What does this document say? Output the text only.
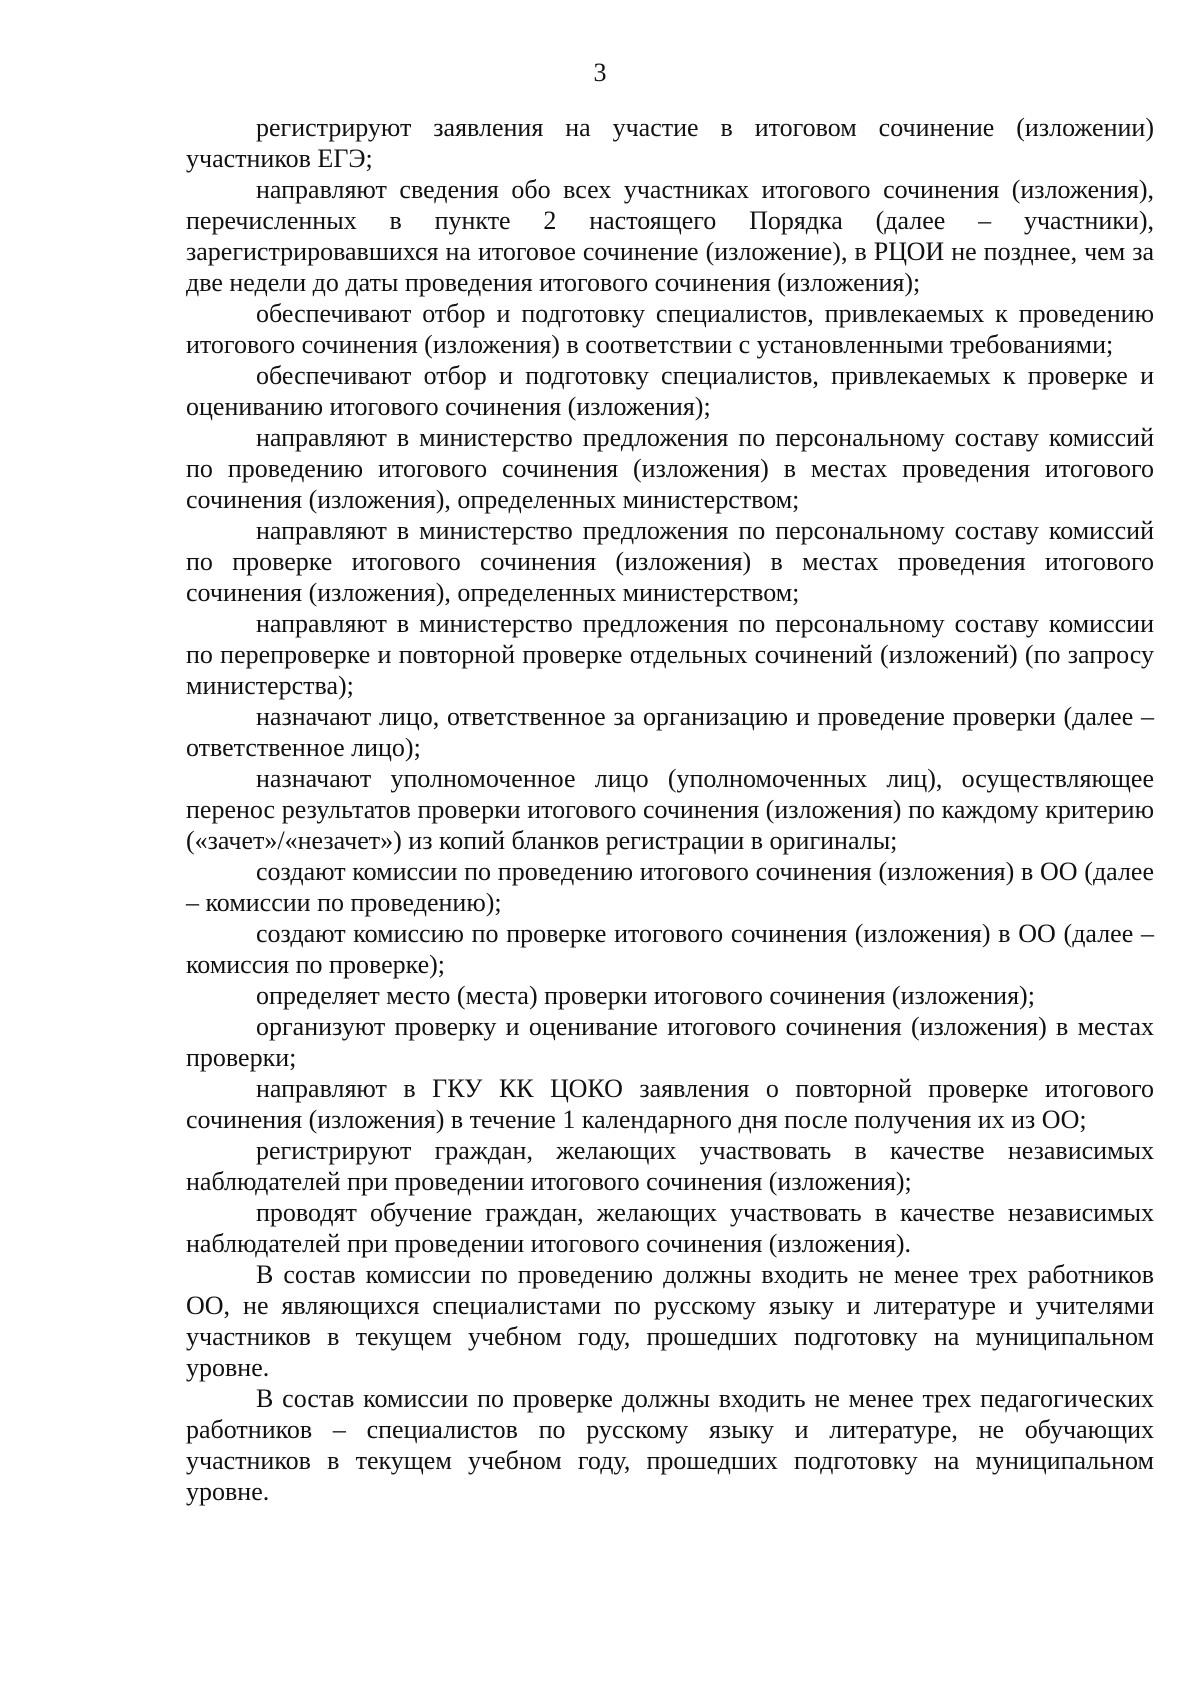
3

регистрируют заявления на участие в итоговом сочинение (изложении) участников ЕГЭ;

направляют сведения обо всех участниках итогового сочинения (изложения), перечисленных в пункте 2 настоящего Порядка (далее – участники), зарегистрировавшихся на итоговое сочинение (изложение), в РЦОИ не позднее, чем за две недели до даты проведения итогового сочинения (изложения);

обеспечивают отбор и подготовку специалистов, привлекаемых к проведению итогового сочинения (изложения) в соответствии с установленными требованиями;

обеспечивают отбор и подготовку специалистов, привлекаемых к проверке и оцениванию итогового сочинения (изложения);

направляют в министерство предложения по персональному составу комиссий по проведению итогового сочинения (изложения) в местах проведения итогового сочинения (изложения), определенных министерством;

направляют в министерство предложения по персональному составу комиссий по проверке итогового сочинения (изложения) в местах проведения итогового сочинения (изложения), определенных министерством;

направляют в министерство предложения по персональному составу комиссии по перепроверке и повторной проверке отдельных сочинений (изложений) (по запросу министерства);

назначают лицо, ответственное за организацию и проведение проверки (далее – ответственное лицо);

назначают уполномоченное лицо (уполномоченных лиц), осуществляющее перенос результатов проверки итогового сочинения (изложения) по каждому критерию («зачет»/«незачет») из копий бланков регистрации в оригиналы;

создают комиссии по проведению итогового сочинения (изложения) в ОО (далее – комиссии по проведению);

создают комиссию по проверке итогового сочинения (изложения) в ОО (далее – комиссия по проверке);

определяет место (места) проверки итогового сочинения (изложения);

организуют проверку и оценивание итогового сочинения (изложения) в местах проверки;

направляют в ГКУ КК ЦОКО заявления о повторной проверке итогового сочинения (изложения) в течение 1 календарного дня после получения их из ОО;

регистрируют граждан, желающих участвовать в качестве независимых наблюдателей при проведении итогового сочинения (изложения);

проводят обучение граждан, желающих участвовать в качестве независимых наблюдателей при проведении итогового сочинения (изложения).

В состав комиссии по проведению должны входить не менее трех работников ОО, не являющихся специалистами по русскому языку и литературе и учителями участников в текущем учебном году, прошедших подготовку на муниципальном уровне.

В состав комиссии по проверке должны входить не менее трех педагогических работников – специалистов по русскому языку и литературе, не обучающих участников в текущем учебном году, прошедших подготовку на муниципальном уровне.
